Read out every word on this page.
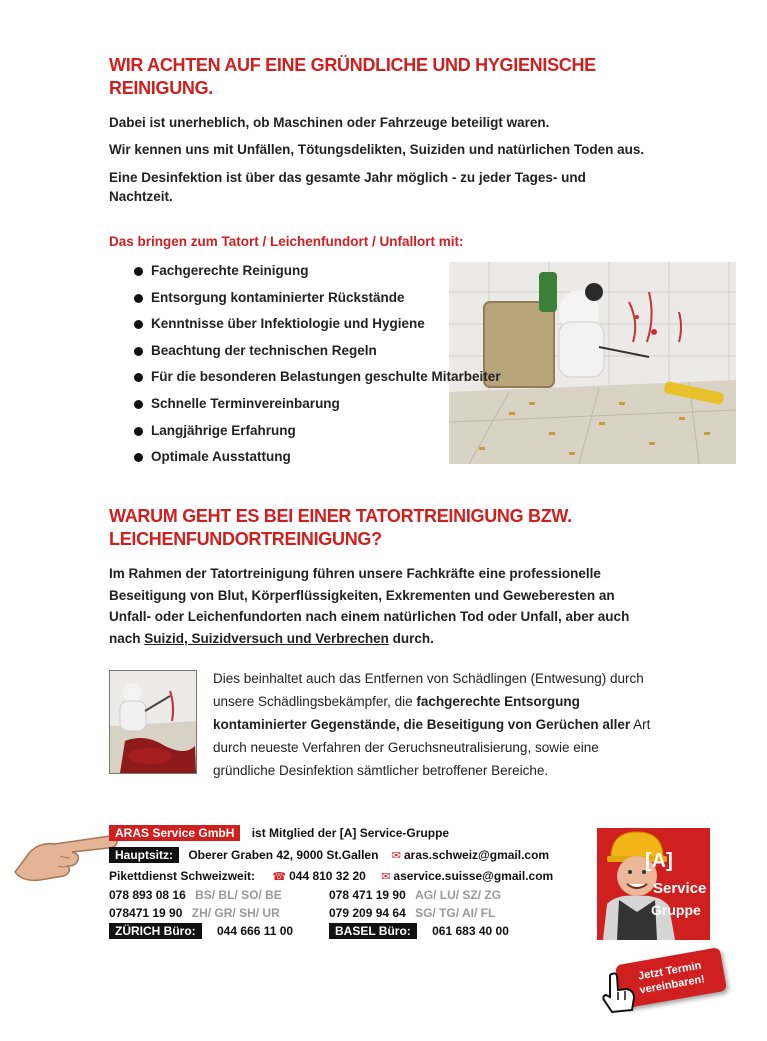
WIR ACHTEN AUF EINE GRÜNDLICHE UND HYGIENISCHE REINIGUNG.
Dabei ist unerheblich, ob Maschinen oder Fahrzeuge beteiligt waren.
Wir kennen uns mit Unfällen, Tötungsdelikten, Suiziden und natürlichen Toden aus.
Eine Desinfektion ist über das gesamte Jahr möglich - zu jeder Tages- und Nachtzeit.
Das bringen zum Tatort / Leichenfundort / Unfallort mit:
Fachgerechte Reinigung
Entsorgung kontaminierter Rückstände
Kenntnisse über Infektiologie und Hygiene
Beachtung der technischen Regeln
Für die besonderen Belastungen geschulte Mitarbeiter
Schnelle Terminvereinbarung
Langjährige Erfahrung
Optimale Ausstattung
WARUM GEHT ES BEI EINER TATORTREINIGUNG BZW. LEICHENFUNDORTREINIGUNG?
Im Rahmen der Tatortreinigung führen unsere Fachkräfte eine professionelle Beseitigung von Blut, Körperflüssigkeiten, Exkrementen und Geweberesten an Unfall- oder Leichenfundorten nach einem natürlichen Tod oder Unfall, aber auch nach Suizid, Suizidversuch und Verbrechen durch.
Dies beinhaltet auch das Entfernen von Schädlingen (Entwesung) durch unsere Schädlingsbekämpfer, die fachgerechte Entsorgung kontaminierter Gegenstände, die Beseitigung von Gerüchen aller Art durch neueste Verfahren der Geruchsneutralisierung, sowie eine gründliche Desinfektion sämtlicher betroffener Bereiche.
ARAS Service GmbH ist Mitglied der [A] Service-Gruppe
Hauptsitz: Oberer Graben 42, 9000 St.Gallen ✉ aras.schweiz@gmail.com
Pikettdienst Schweizweit: ☎ 044 810 32 20 ✉ aservice.suisse@gmail.com
078 893 08 16 BS/ BL/ SO/ BE	078 471 19 90 AG/ LU/ SZ/ ZG
078471 19 90 ZH/ GR/ SH/ UR	079 209 94 64 SG/ TG/ AI/ FL
ZÜRICH Büro: 044 666 11 00	BASEL Büro: 061 683 40 00
[A]
Service
Gruppe
Jetzt Termin vereinbaren!
